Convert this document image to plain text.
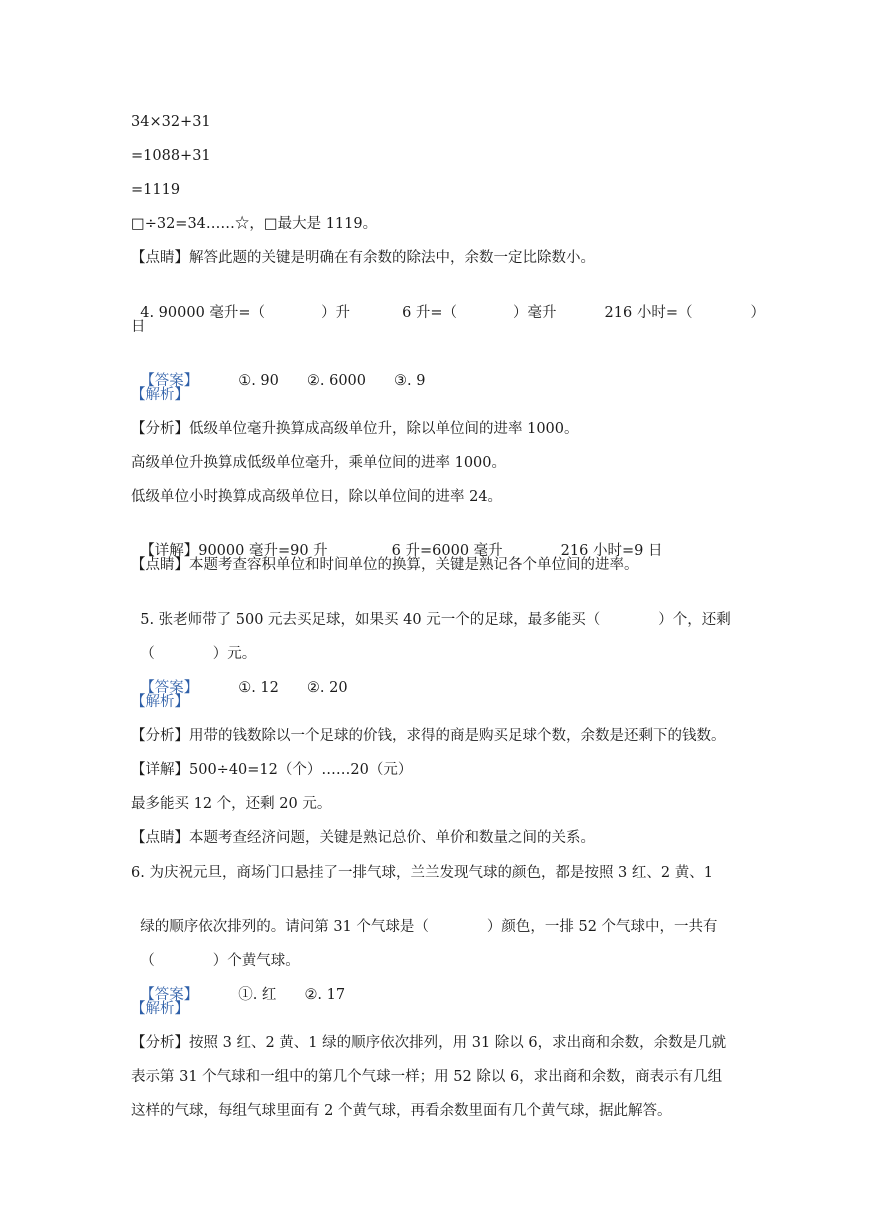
34×32+31
=1088+31
=1119
□÷32=34……☆，□最大是 1119。
【点睛】解答此题的关键是明确在有余数的除法中，余数一定比除数小。

4. 90000 毫升=（	）升	6 升=（	）毫升	216 小时=（	）

日

【答案】	①. 90 ②. 6000 ③. 9

【解析】
【分析】低级单位毫升换算成高级单位升，除以单位间的进率 1000。
高级单位升换算成低级单位毫升，乘单位间的进率 1000。
低级单位小时换算成高级单位日，除以单位间的进率 24。

【详解】90000 毫升=90 升	6 升=6000 毫升	216 小时=9 日

【点睛】本题考查容积单位和时间单位的换算，关键是熟记各个单位间的进率。

5. 张老师带了 500 元去买足球，如果买 40 元一个的足球，最多能买（	）个，还剩

（	）元。

【答案】	①. 12 ②. 20

【解析】
【分析】用带的钱数除以一个足球的价钱，求得的商是购买足球个数，余数是还剩下的钱数。
【详解】500÷40=12（个）……20（元）
最多能买 12 个，还剩 20 元。
【点睛】本题考查经济问题，关键是熟记总价、单价和数量之间的关系。
6. 为庆祝元旦，商场门口悬挂了一排气球，兰兰发现气球的颜色，都是按照 3 红、2 黄、1

绿的顺序依次排列的。请问第 31 个气球是（	）颜色，一排 52 个气球中，一共有

（	）个黄气球。

【答案】	①. 红 ②. 17

【解析】
【分析】按照 3 红、2 黄、1 绿的顺序依次排列，用 31 除以 6，求出商和余数，余数是几就
表示第 31 个气球和一组中的第几个气球一样；用 52 除以 6，求出商和余数，商表示有几组
这样的气球，每组气球里面有 2 个黄气球，再看余数里面有几个黄气球，据此解答。
